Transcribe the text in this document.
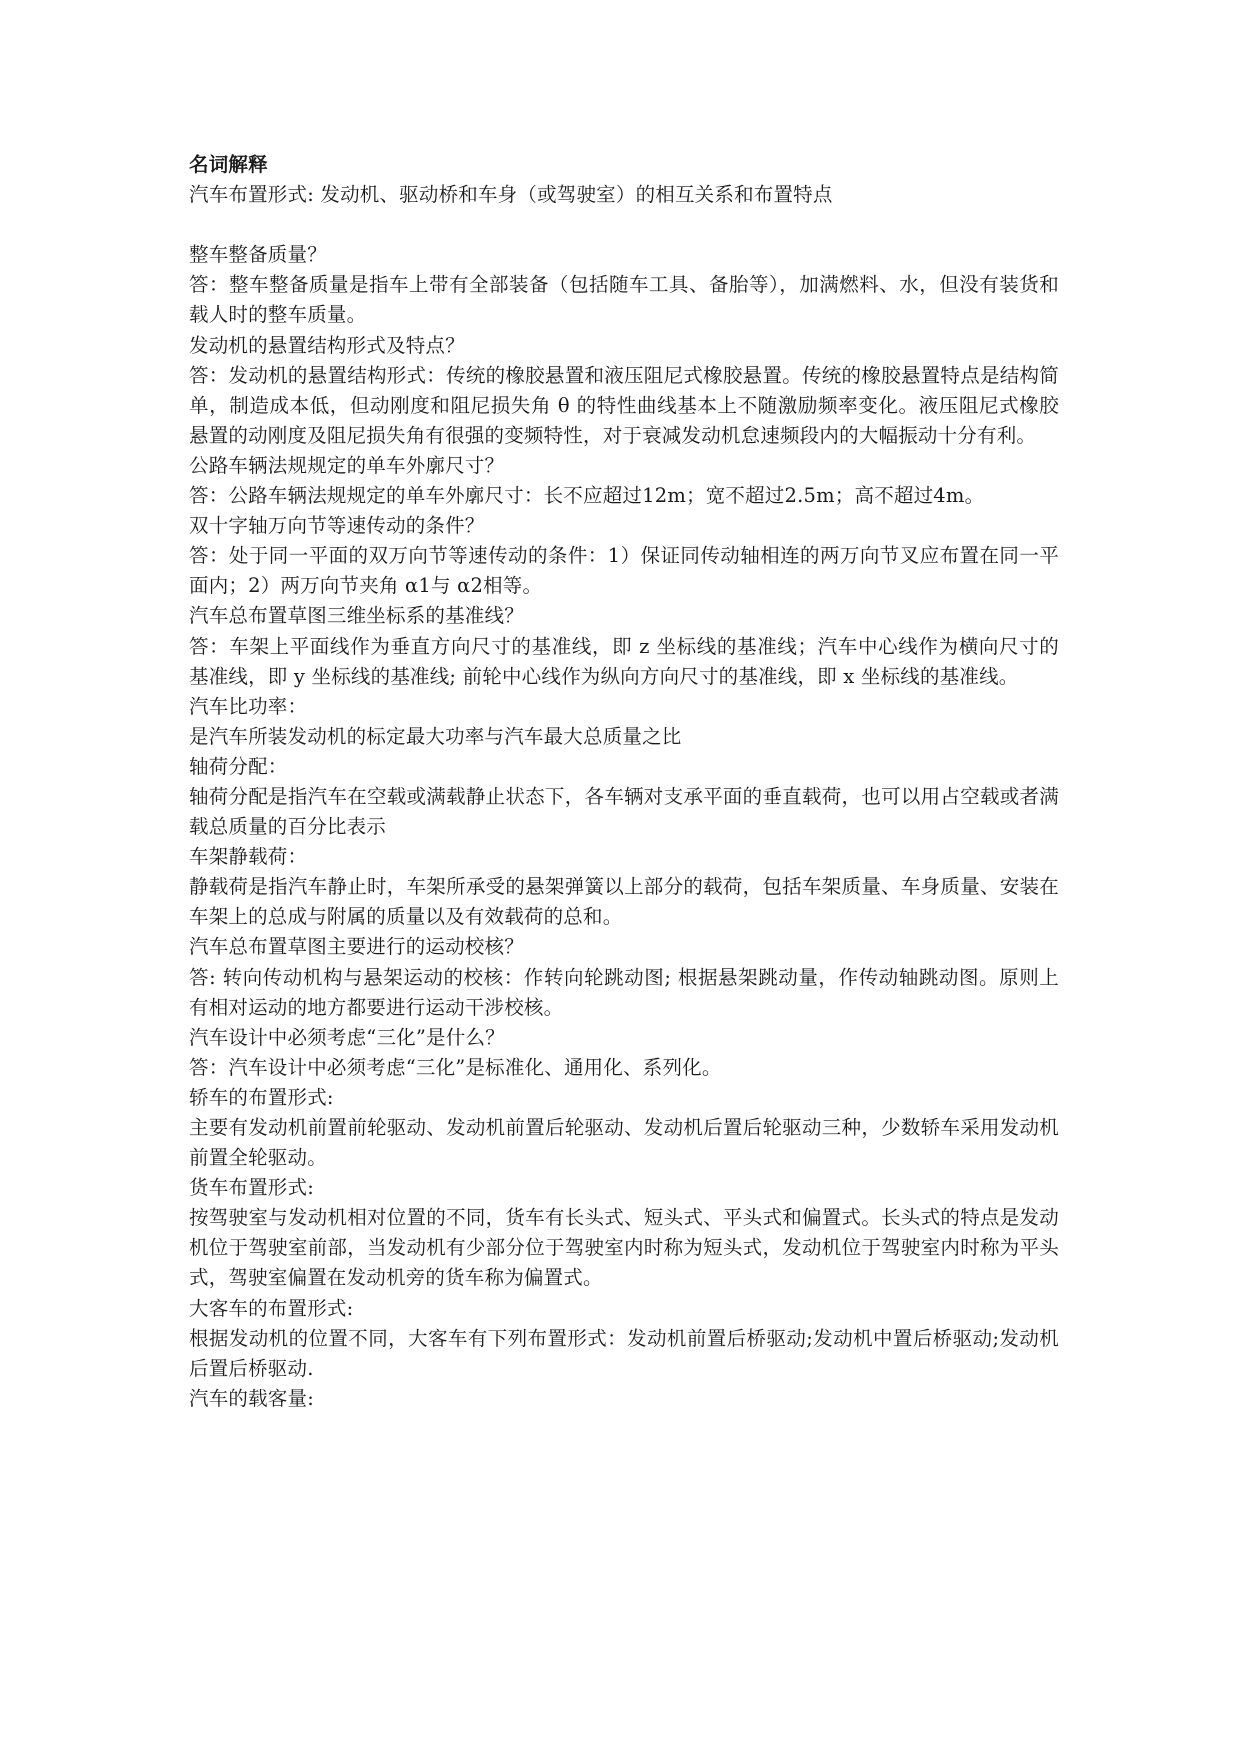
名词解释

汽车布置形式: 发动机、驱动桥和车身（或驾驶室）的相互关系和布置特点

整车整备质量？

答：整车整备质量是指车上带有全部装备（包括随车工具、备胎等），加满燃料、水，但没有装货和载人时的整车质量。

发动机的悬置结构形式及特点？

答：发动机的悬置结构形式：传统的橡胶悬置和液压阻尼式橡胶悬置。传统的橡胶悬置特点是结构简单，制造成本低，但动刚度和阻尼损失角 θ 的特性曲线基本上不随激励频率变化。液压阻尼式橡胶悬置的动刚度及阻尼损失角有很强的变频特性，对于衰减发动机怠速频段内的大幅振动十分有利。

公路车辆法规规定的单车外廓尺寸？

答：公路车辆法规规定的单车外廓尺寸：长不应超过12m；宽不超过2.5m；高不超过4m。

双十字轴万向节等速传动的条件？

答：处于同一平面的双万向节等速传动的条件：1）保证同传动轴相连的两万向节叉应布置在同一平面内；2）两万向节夹角 α1与 α2相等。

汽车总布置草图三维坐标系的基准线？

答：车架上平面线作为垂直方向尺寸的基准线，即 z 坐标线的基准线；汽车中心线作为横向尺寸的基准线，即 y 坐标线的基准线; 前轮中心线作为纵向方向尺寸的基准线，即 x 坐标线的基准线。

汽车比功率：

是汽车所装发动机的标定最大功率与汽车最大总质量之比

轴荷分配：

轴荷分配是指汽车在空载或满载静止状态下，各车辆对支承平面的垂直载荷，也可以用占空载或者满载总质量的百分比表示

车架静载荷：

静载荷是指汽车静止时，车架所承受的悬架弹簧以上部分的载荷，包括车架质量、车身质量、安装在车架上的总成与附属的质量以及有效载荷的总和。

汽车总布置草图主要进行的运动校核？

答: 转向传动机构与悬架运动的校核：作转向轮跳动图; 根据悬架跳动量，作传动轴跳动图。原则上有相对运动的地方都要进行运动干涉校核。

汽车设计中必须考虑“三化”是什么？

答：汽车设计中必须考虑“三化”是标准化、通用化、系列化。

轿车的布置形式:

主要有发动机前置前轮驱动、发动机前置后轮驱动、发动机后置后轮驱动三种，少数轿车采用发动机前置全轮驱动。

货车布置形式:

按驾驶室与发动机相对位置的不同，货车有长头式、短头式、平头式和偏置式。长头式的特点是发动机位于驾驶室前部，当发动机有少部分位于驾驶室内时称为短头式，发动机位于驾驶室内时称为平头式，驾驶室偏置在发动机旁的货车称为偏置式。

大客车的布置形式:

根据发动机的位置不同，大客车有下列布置形式：发动机前置后桥驱动;发动机中置后桥驱动;发动机后置后桥驱动.

汽车的载客量:
